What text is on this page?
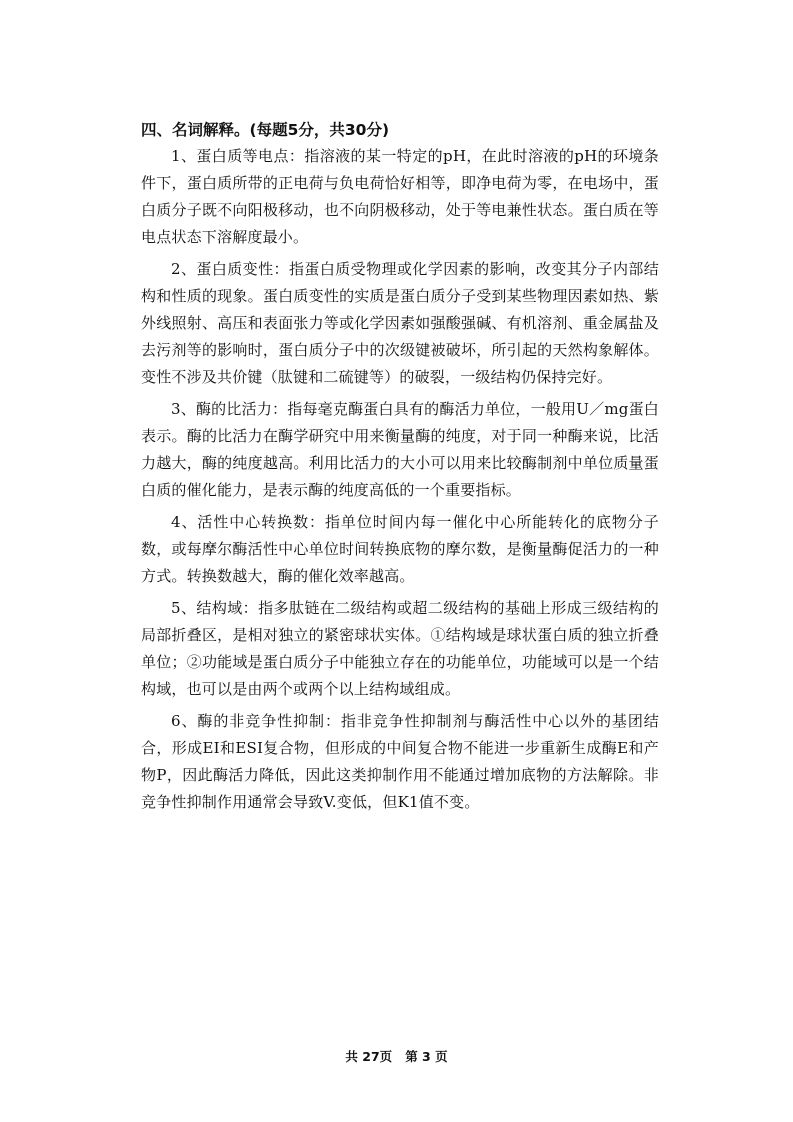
四、名词解释。(每题5分，共30分)

1、蛋白质等电点：指溶液的某一特定的pH，在此时溶液的pH的环境条件下，蛋白质所带的正电荷与负电荷恰好相等，即净电荷为零，在电场中，蛋白质分子既不向阳极移动，也不向阴极移动，处于等电兼性状态。蛋白质在等电点状态下溶解度最小。

2、蛋白质变性：指蛋白质受物理或化学因素的影响，改变其分子内部结构和性质的现象。蛋白质变性的实质是蛋白质分子受到某些物理因素如热、紫外线照射、高压和表面张力等或化学因素如强酸强碱、有机溶剂、重金属盐及去污剂等的影响时，蛋白质分子中的次级键被破坏，所引起的天然构象解体。变性不涉及共价键（肽键和二硫键等）的破裂，一级结构仍保持完好。

3、酶的比活力：指每毫克酶蛋白具有的酶活力单位，一般用U／mg蛋白表示。酶的比活力在酶学研究中用来衡量酶的纯度，对于同一种酶来说，比活力越大，酶的纯度越高。利用比活力的大小可以用来比较酶制剂中单位质量蛋白质的催化能力，是表示酶的纯度高低的一个重要指标。

4、活性中心转换数：指单位时间内每一催化中心所能转化的底物分子数，或每摩尔酶活性中心单位时间转换底物的摩尔数，是衡量酶促活力的一种方式。转换数越大，酶的催化效率越高。

5、结构域：指多肽链在二级结构或超二级结构的基础上形成三级结构的局部折叠区，是相对独立的紧密球状实体。①结构域是球状蛋白质的独立折叠单位；②功能域是蛋白质分子中能独立存在的功能单位，功能域可以是一个结构域，也可以是由两个或两个以上结构域组成。

6、酶的非竞争性抑制：指非竞争性抑制剂与酶活性中心以外的基团结合，形成EI和ESI复合物，但形成的中间复合物不能进一步重新生成酶E和产物P，因此酶活力降低，因此这类抑制作用不能通过增加底物的方法解除。非竞争性抑制作用通常会导致V.变低，但K1值不变。

共 27页   第 3 页
